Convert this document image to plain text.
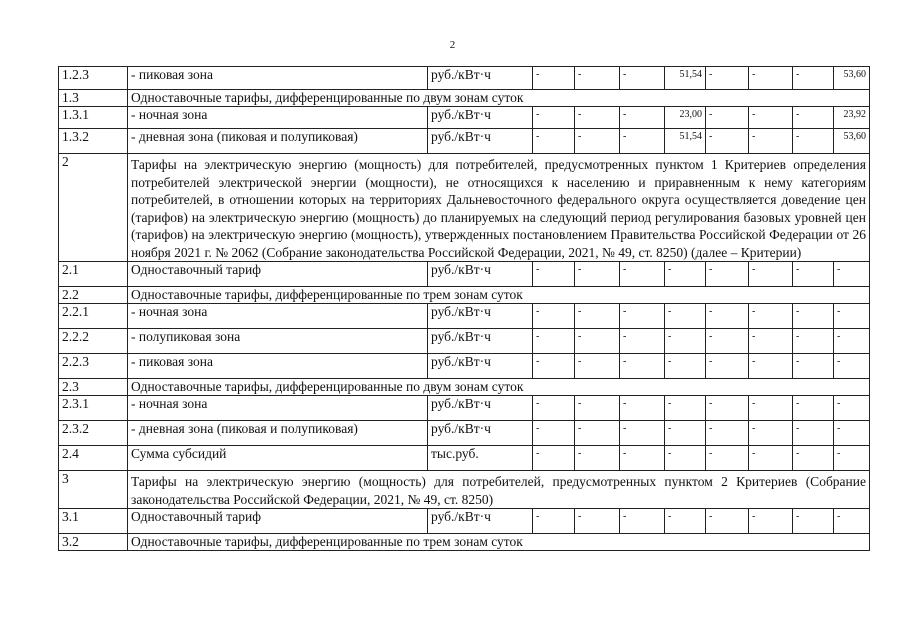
2
1.2.3	- пиковая зона	руб./кВт·ч	-	-	-	51,54	-	-	-	53,60
1.3	Одноставочные тарифы, дифференцированные по двум зонам суток									
1.3.1	- ночная зона	руб./кВт·ч	-	-	-	23,00	-	-	-	23,92
1.3.2	- дневная зона (пиковая и полупиковая)	руб./кВт·ч	-	-	-	51,54	-	-	-	53,60
2	Тарифы на электрическую энергию (мощность) для потребителей, предусмотренных пунктом 1 Критериев определения потребителей электрической энергии (мощности), не относящихся к населению и приравненным к нему категориям потребителей, в отношении которых на территориях Дальневосточного федерального округа осуществляется доведение цен (тарифов) на электрическую энергию (мощность) до планируемых на следующий период регулирования базовых уровней цен (тарифов) на электрическую энергию (мощность), утвержденных постановлением Правительства Российской Федерации от 26 ноября 2021 г. № 2062 (Собрание законодательства Российской Федерации, 2021, № 49, ст. 8250) (далее – Критерии)									
2.1	Одноставочный тариф	руб./кВт·ч	-	-	-	-	-	-	-	-
2.2	Одноставочные тарифы, дифференцированные по трем зонам суток									
2.2.1	- ночная зона	руб./кВт·ч	-	-	-	-	-	-	-	-
2.2.2	- полупиковая зона	руб./кВт·ч	-	-	-	-	-	-	-	-
2.2.3	- пиковая зона	руб./кВт·ч	-	-	-	-	-	-	-	-
2.3	Одноставочные тарифы, дифференцированные по двум зонам суток									
2.3.1	- ночная зона	руб./кВт·ч	-	-	-	-	-	-	-	-
2.3.2	- дневная зона (пиковая и полупиковая)	руб./кВт·ч	-	-	-	-	-	-	-	-
2.4	Сумма субсидий	тыс.руб.	-	-	-	-	-	-	-	-
3	Тарифы на электрическую энергию (мощность) для потребителей, предусмотренных пунктом 2 Критериев (Собрание законодательства Российской Федерации, 2021, № 49, ст. 8250)									
3.1	Одноставочный тариф	руб./кВт·ч	-	-	-	-	-	-	-	-
3.2	Одноставочные тарифы, дифференцированные по трем зонам суток									
